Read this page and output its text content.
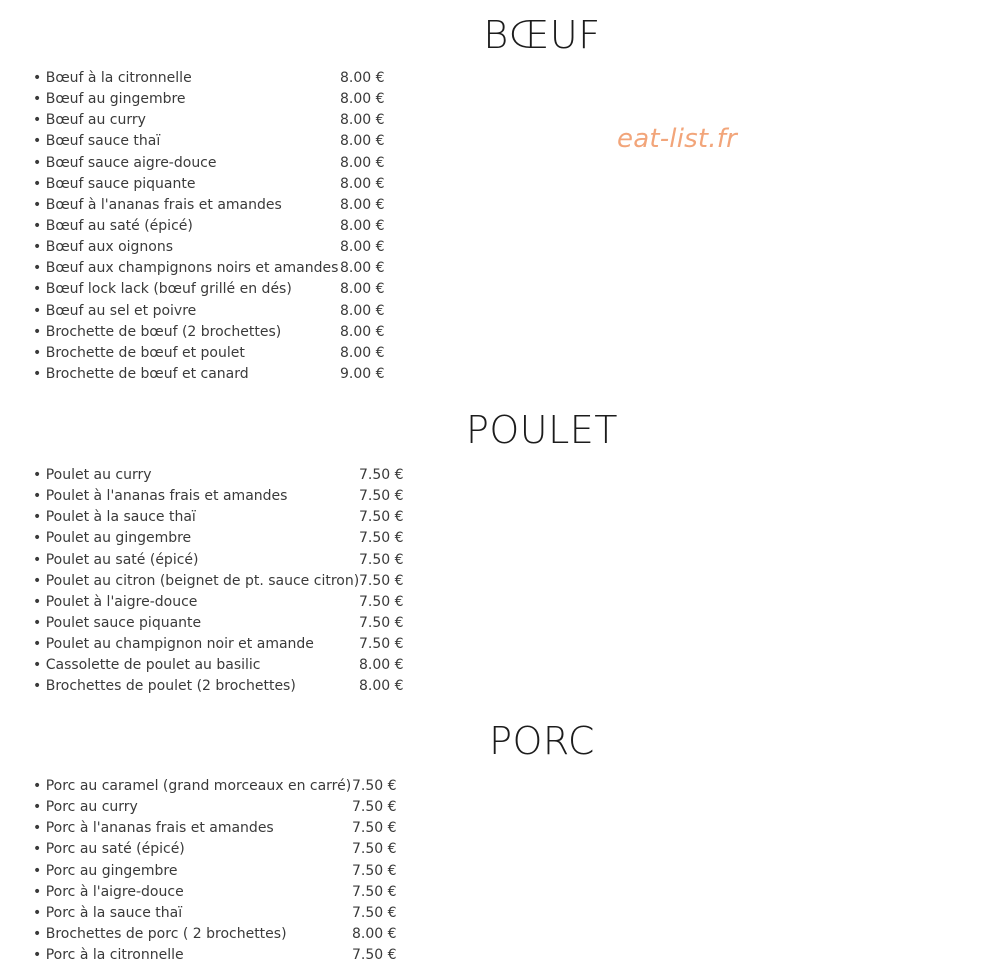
eat-list.fr
BŒUF
• Bœuf à la citronnelle	8.00 €
• Bœuf au gingembre	8.00 €
• Bœuf au curry	8.00 €
• Bœuf sauce thaï	8.00 €
• Bœuf sauce aigre-douce	8.00 €
• Bœuf sauce piquante	8.00 €
• Bœuf à l'ananas frais et amandes	8.00 €
• Bœuf au saté (épicé)	8.00 €
• Bœuf aux oignons	8.00 €
• Bœuf aux champignons noirs et amandes 8.00 €
• Bœuf lock lack (bœuf grillé en dés)	8.00 €
• Bœuf au sel et poivre	8.00 €
• Brochette de bœuf (2 brochettes)	8.00 €
• Brochette de bœuf et poulet	8.00 €
• Brochette de bœuf et canard	9.00 €
POULET
• Poulet au curry	7.50 €
• Poulet à l'ananas frais et amandes	7.50 €
• Poulet à la sauce thaï	7.50 €
• Poulet au gingembre	7.50 €
• Poulet au saté (épicé)	7.50 €
• Poulet au citron (beignet de pt. sauce citron) 7.50 €
• Poulet à l'aigre-douce	7.50 €
• Poulet sauce piquante	7.50 €
• Poulet au champignon noir et amande	7.50 €
• Cassolette de poulet au basilic	8.00 €
• Brochettes de poulet (2 brochettes)	8.00 €
PORC
• Porc au caramel (grand morceaux en carré) 7.50 €
• Porc au curry	7.50 €
• Porc à l'ananas frais et amandes	7.50 €
• Porc au saté (épicé)	7.50 €
• Porc au gingembre	7.50 €
• Porc à l'aigre-douce	7.50 €
• Porc à la sauce thaï	7.50 €
• Brochettes de porc ( 2 brochettes)	8.00 €
• Porc à la citronnelle	7.50 €
